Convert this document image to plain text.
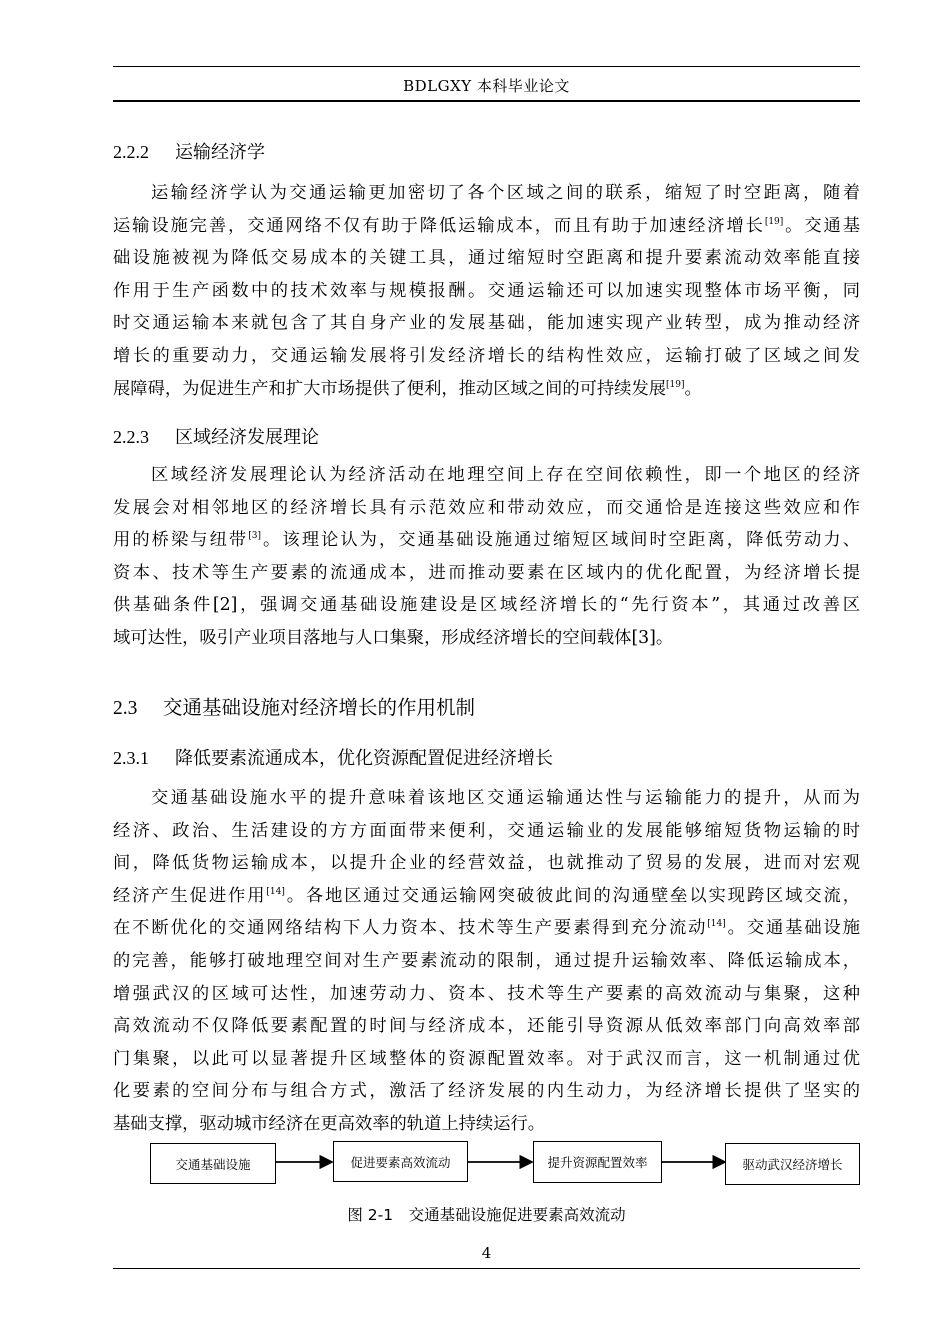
BDLGXY 本科毕业论文
2.2.2 运输经济学
运输经济学认为交通运输更加密切了各个区域之间的联系，缩短了时空距离，随着
运输设施完善，交通网络不仅有助于降低运输成本，而且有助于加速经济增长[19]。交通基
础设施被视为降低交易成本的关键工具，通过缩短时空距离和提升要素流动效率能直接
作用于生产函数中的技术效率与规模报酬。交通运输还可以加速实现整体市场平衡，同
时交通运输本来就包含了其自身产业的发展基础，能加速实现产业转型，成为推动经济
增长的重要动力，交通运输发展将引发经济增长的结构性效应，运输打破了区域之间发
展障碍，为促进生产和扩大市场提供了便利，推动区域之间的可持续发展[19]。
2.2.3 区域经济发展理论
区域经济发展理论认为经济活动在地理空间上存在空间依赖性，即一个地区的经济
发展会对相邻地区的经济增长具有示范效应和带动效应，而交通恰是连接这些效应和作
用的桥梁与纽带[3]。该理论认为，交通基础设施通过缩短区域间时空距离，降低劳动力、
资本、技术等生产要素的流通成本，进而推动要素在区域内的优化配置，为经济增长提
供基础条件[2]，强调交通基础设施建设是区域经济增长的“先行资本”，其通过改善区
域可达性，吸引产业项目落地与人口集聚，形成经济增长的空间载体[3]。
2.3 交通基础设施对经济增长的作用机制
2.3.1 降低要素流通成本，优化资源配置促进经济增长
交通基础设施水平的提升意味着该地区交通运输通达性与运输能力的提升，从而为
经济、政治、生活建设的方方面面带来便利，交通运输业的发展能够缩短货物运输的时
间，降低货物运输成本，以提升企业的经营效益，也就推动了贸易的发展，进而对宏观
经济产生促进作用[14]。各地区通过交通运输网突破彼此间的沟通壁垒以实现跨区域交流，
在不断优化的交通网络结构下人力资本、技术等生产要素得到充分流动[14]。交通基础设施
的完善，能够打破地理空间对生产要素流动的限制，通过提升运输效率、降低运输成本，
增强武汉的区域可达性，加速劳动力、资本、技术等生产要素的高效流动与集聚，这种
高效流动不仅降低要素配置的时间与经济成本，还能引导资源从低效率部门向高效率部
门集聚，以此可以显著提升区域整体的资源配置效率。对于武汉而言，这一机制通过优
化要素的空间分布与组合方式，激活了经济发展的内生动力，为经济增长提供了坚实的
基础支撑，驱动城市经济在更高效率的轨道上持续运行。
交通基础设施	促进要素高效流动	提升资源配置效率	驱动武汉经济增长
图 2-1　交通基础设施促进要素高效流动
4
